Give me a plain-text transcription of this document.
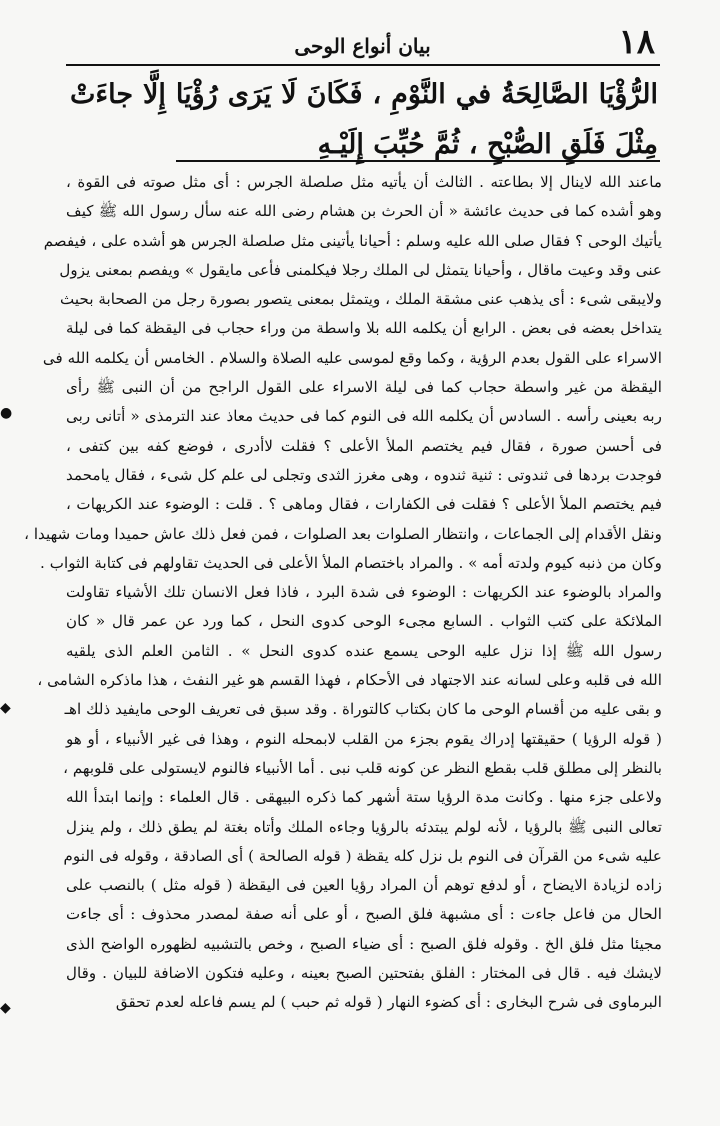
١٨
بيان أنواع الوحى
الرُّؤْيَا الصَّالِحَةُ في النَّوْمِ ، فَكَانَ لَا يَرَى رُؤْيَا إِلَّا جاءَتْ مِثْلَ فَلَقِ الصُّبْحِ ، ثُمَّ حُبِّبَ إِلَيْـهِ
ماعند الله لاينال إلا بطاعته . الثالث أن يأتيه مثل صلصلة الجرس : أى مثل صوته فى القوة ،
وهو أشده كما فى حديث عائشة « أن الحرث بن هشام رضى الله عنه سأل رسول الله ﷺ كيف
يأتيك الوحى ؟ فقال صلى الله عليه وسلم : أحيانا يأتينى مثل صلصلة الجرس هو أشده على ، فيفصم
عنى وقد وعيت ماقال ، وأحيانا يتمثل لى الملك رجلا فيكلمنى فأعى مايقول » ويفصم بمعنى يزول
ولايبقى شىء : أى يذهب عنى مشقة الملك ، ويتمثل بمعنى يتصور بصورة رجل من الصحابة بحيث
يتداخل بعضه فى بعض . الرابع أن يكلمه الله بلا واسطة من وراء حجاب فى اليقظة كما فى ليلة
الاسراء على القول بعدم الرؤية ، وكما وقع لموسى عليه الصلاة والسلام . الخامس أن يكلمه الله فى
اليقظة من غير واسطة حجاب كما فى ليلة الاسراء على القول الراجح من أن النبى ﷺ رأى
ربه بعينى رأسه . السادس أن يكلمه الله فى النوم كما فى حديث معاذ عند الترمذى « أتانى ربى
فى أحسن صورة ، فقال فيم يختصم الملأ الأعلى ؟ فقلت لاأدرى ، فوضع كفه بين كتفى ،
فوجدت بردها فى ثندوتى : ثنية ثندوه ، وهى مغرز الثدى وتجلى لى علم كل شىء ، فقال يامحمد
فيم يختصم الملأ الأعلى ؟ فقلت فى الكفارات ، فقال وماهى ؟ . قلت : الوضوء عند الكريهات ،
ونقل الأقدام إلى الجماعات ، وانتظار الصلوات بعد الصلوات ، فمن فعل ذلك عاش حميدا ومات شهيدا ،
وكان من ذنبه كيوم ولدته أمه » . والمراد باختصام الملأ الأعلى فى الحديث تقاولهم فى كتابة الثواب .
والمراد بالوضوء عند الكريهات : الوضوء فى شدة البرد ، فاذا فعل الانسان تلك الأشياء تقاولت
الملائكة على كتب الثواب . السابع مجىء الوحى كدوى النحل ، كما ورد عن عمر قال « كان
رسول الله ﷺ إذا نزل عليه الوحى يسمع عنده كدوى النحل » . الثامن العلم الذى يلقيه
الله فى قلبه وعلى لسانه عند الاجتهاد فى الأحكام ، فهذا القسم هو غير النفث ، هذا ماذكره الشامى ،
و بقى عليه من أقسام الوحى ما كان بكتاب كالتوراة . وقد سبق فى تعريف الوحى مايفيد ذلك اهـ
( قوله الرؤيا ) حقيقتها إدراك يقوم بجزء من القلب لابمحله النوم ، وهذا فى غير الأنبياء ، أو هو
بالنظر إلى مطلق قلب بقطع النظر عن كونه قلب نبى . أما الأنبياء فالنوم لايستولى على قلوبهم ،
ولاعلى جزء منها . وكانت مدة الرؤيا ستة أشهر كما ذكره البيهقى . قال العلماء : وإنما ابتدأ الله
تعالى النبى ﷺ بالرؤيا ، لأنه لولم يبتدئه بالرؤيا وجاءه الملك وأتاه بغتة لم يطق ذلك ، ولم ينزل
عليه شىء من القرآن فى النوم بل نزل كله يقظة ( قوله الصالحة ) أى الصادقة ، وقوله فى النوم
زاده لزيادة الايضاح ، أو لدفع توهم أن المراد رؤيا العين فى اليقظة ( قوله مثل ) بالنصب على
الحال من فاعل جاءت : أى مشبهة فلق الصبح ، أو على أنه صفة لمصدر محذوف : أى جاءت
مجيئا مثل فلق الخ . وقوله فلق الصبح : أى ضياء الصبح ، وخص بالتشبيه لظهوره الواضح الذى
لايشك فيه . قال فى المختار : الفلق بفتحتين الصبح بعينه ، وعليه فتكون الاضافة للبيان . وقال
البرماوى فى شرح البخارى : أى كضوء النهار ( قوله ثم حبب ) لم يسم فاعله لعدم تحقق
●
◆
◆
